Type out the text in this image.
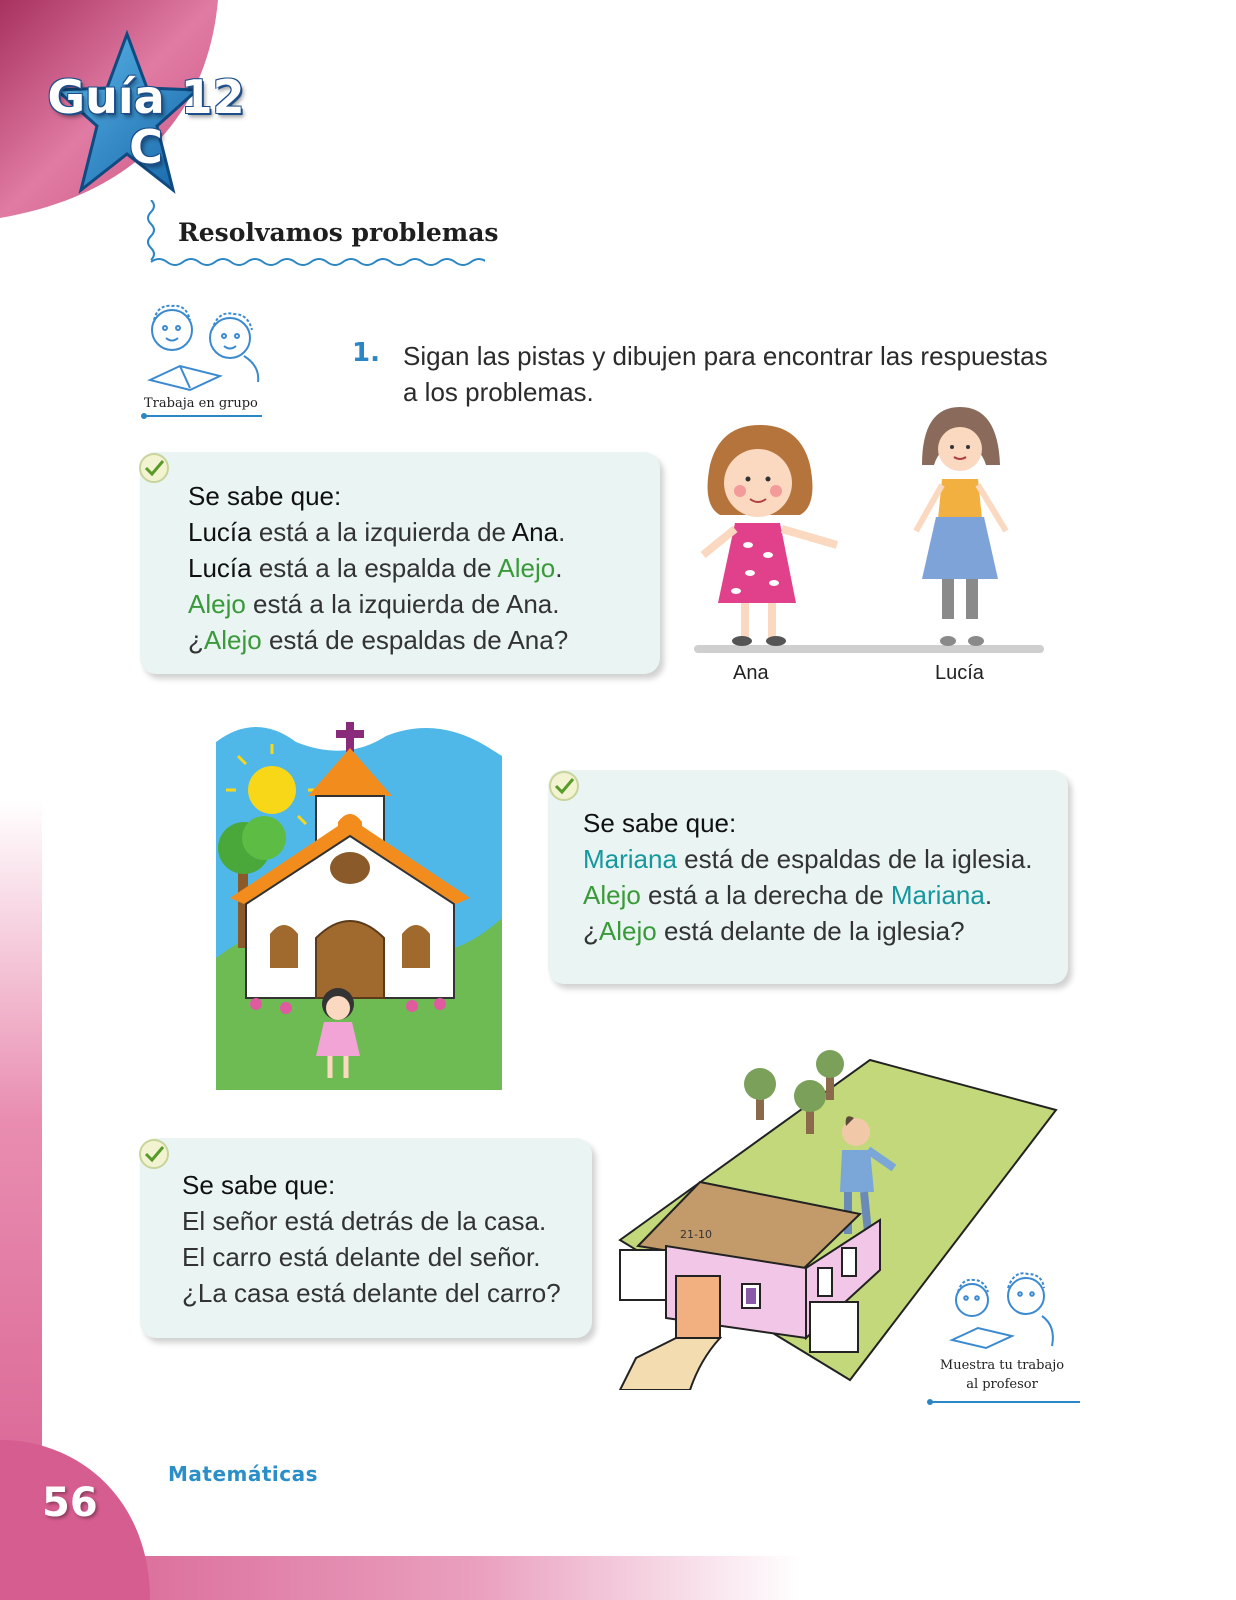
Guía 12
C
Resolvamos problemas
Trabaja en grupo
1. Sigan las pistas y dibujen para encontrar las respuestas a los problemas.
Se sabe que:
Lucía está a la izquierda de Ana.
Lucía está a la espalda de Alejo.
Alejo está a la izquierda de Ana.
¿Alejo está de espaldas de Ana?
Ana	Lucía
Se sabe que:
Mariana está de espaldas de la iglesia.
Alejo está a la derecha de Mariana.
¿Alejo está delante de la iglesia?
Se sabe que:
El señor está detrás de la casa.
El carro está delante del señor.
¿La casa está delante del carro?
21-10
Muestra tu trabajo
al profesor
Matemáticas
56
